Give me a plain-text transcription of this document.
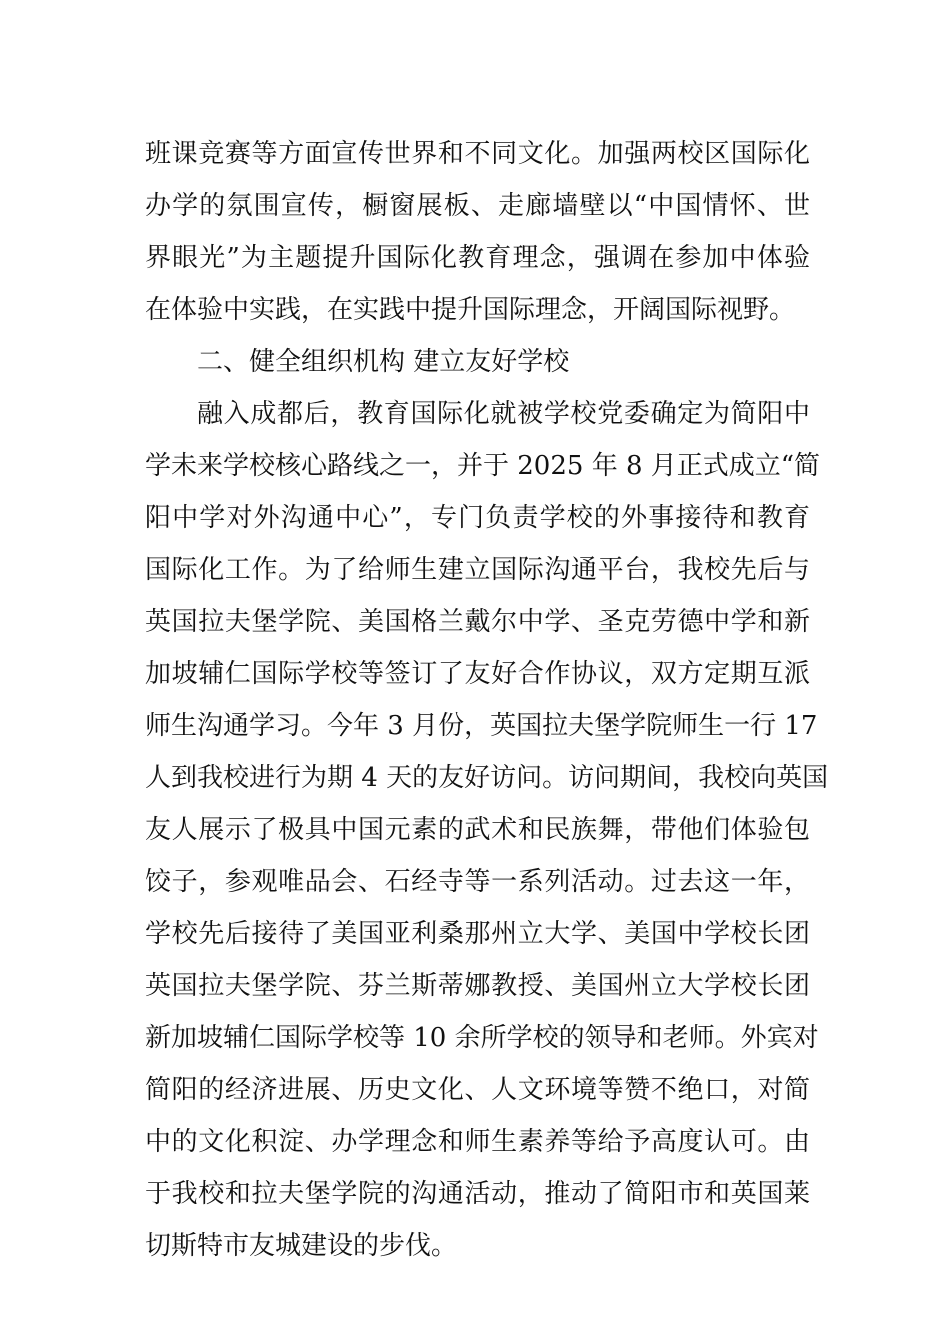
班课竞赛等方面宣传世界和不同文化。加强两校区国际化
办学的氛围宣传，橱窗展板、走廊墙壁以“中国情怀、世
界眼光”为主题提升国际化教育理念，强调在参加中体验
在体验中实践，在实践中提升国际理念，开阔国际视野。
二、健全组织机构 建立友好学校
融入成都后，教育国际化就被学校党委确定为简阳中
学未来学校核心路线之一，并于 2025 年 8 月正式成立“简
阳中学对外沟通中心”，专门负责学校的外事接待和教育
国际化工作。为了给师生建立国际沟通平台，我校先后与
英国拉夫堡学院、美国格兰戴尔中学、圣克劳德中学和新
加坡辅仁国际学校等签订了友好合作协议，双方定期互派
师生沟通学习。今年 3 月份，英国拉夫堡学院师生一行 17
人到我校进行为期 4 天的友好访问。访问期间，我校向英国
友人展示了极具中国元素的武术和民族舞，带他们体验包
饺子，参观唯品会、石经寺等一系列活动。过去这一年，
学校先后接待了美国亚利桑那州立大学、美国中学校长团
英国拉夫堡学院、芬兰斯蒂娜教授、美国州立大学校长团
新加坡辅仁国际学校等 10 余所学校的领导和老师。外宾对
简阳的经济进展、历史文化、人文环境等赞不绝口，对简
中的文化积淀、办学理念和师生素养等给予高度认可。由
于我校和拉夫堡学院的沟通活动，推动了简阳市和英国莱
切斯特市友城建设的步伐。
